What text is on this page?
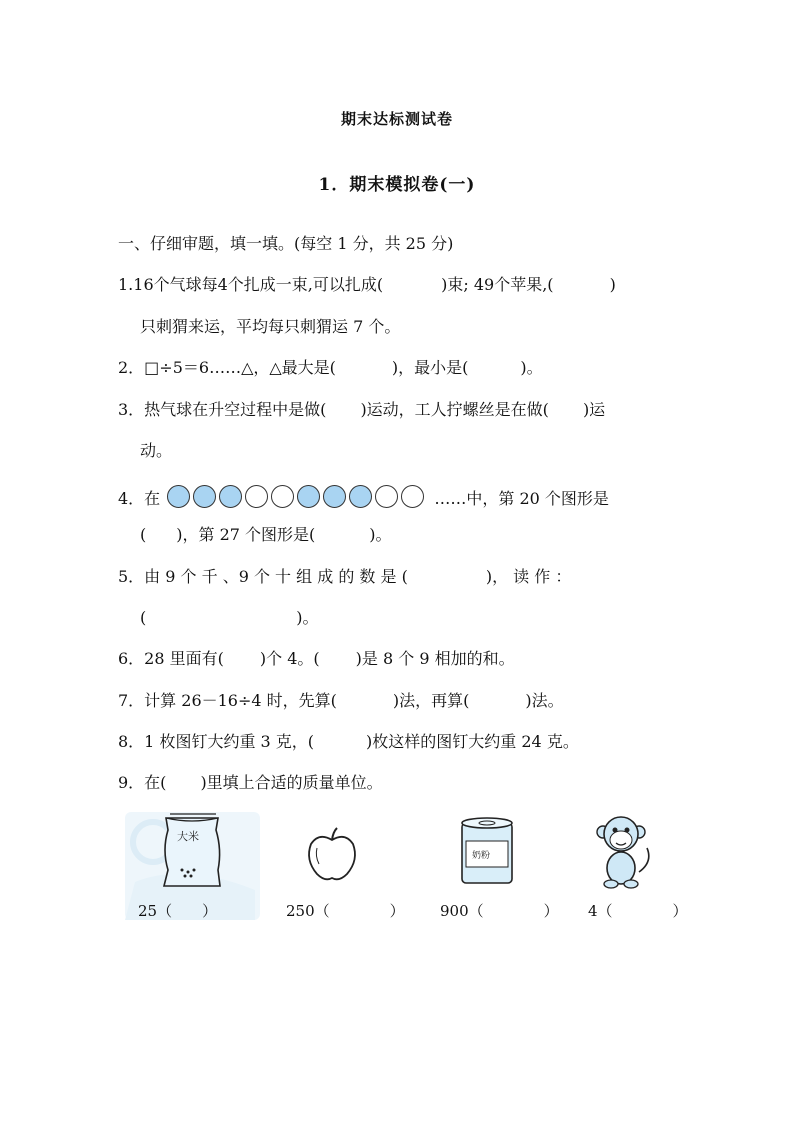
期末达标测试卷
1．期末模拟卷(一)
一、仔细审题，填一填。(每空 1 分，共 25 分)
1.16个气球每4个扎成一束,可以扎成(	)束; 49个苹果,(	)
只刺猬来运，平均每只刺猬运 7 个。
2．□÷5＝6……△，△最大是(	)，最小是(	)。
3．热气球在升空过程中是做( )运动，工人拧螺丝是在做( )运
动。
4．在	……中，第 20 个图形是
( )，第 27 个图形是(	)。
5．由 9 个 千 、9 个 十 组 成 的 数 是 (	)， 读 作 ：
(	)。
6．28 里面有( )个 4。( )是 8 个 9 相加的和。
7．计算 26－16÷4 时，先算(	)法，再算(	)法。
8．1 枚图钉大约重 3 克，(	)枚这样的图钉大约重 24 克。
9．在( )里填上合适的质量单位。
大米
奶粉
25（　　）	250（　　　　） 900（　　　　） 4（　　　　）
